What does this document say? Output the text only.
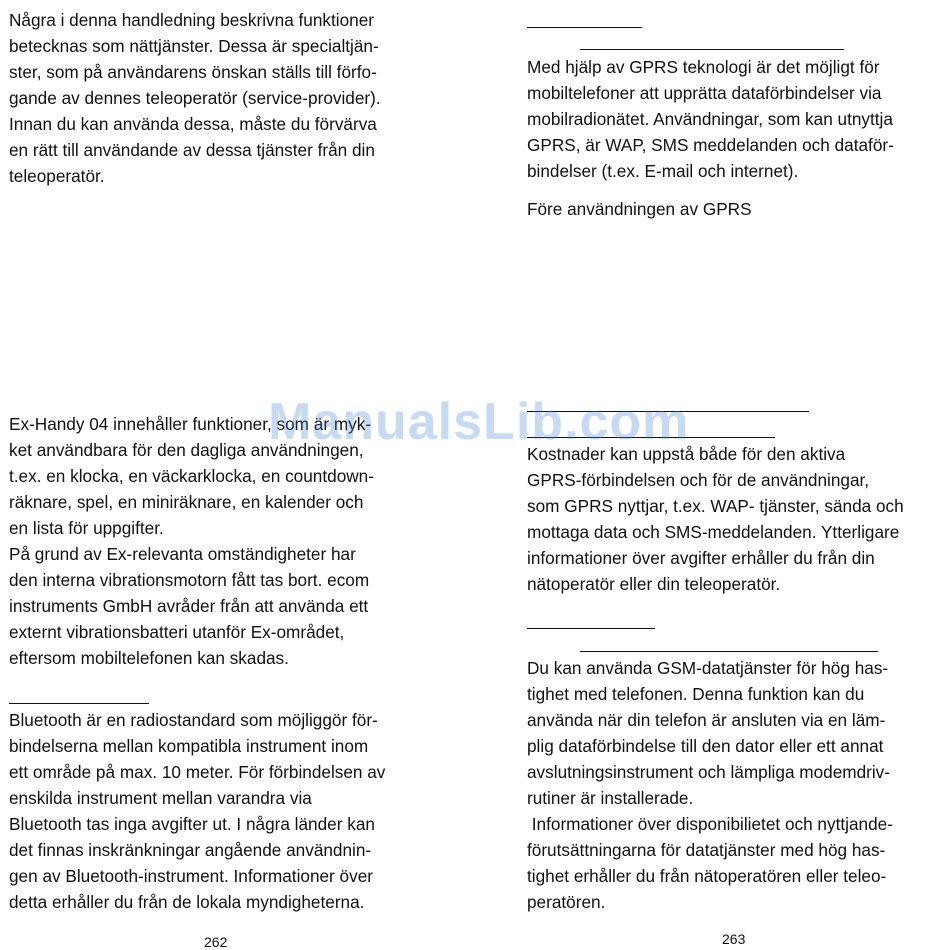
Några i denna handledning beskrivna funktioner

betecknas som nättjänster. Dessa är specialtjän-

ster, som på användarens önskan ställs till förfo-

gande av dennes teleoperatör (service-provider).

Innan du kan använda dessa, måste du förvärva

en rätt till användande av dessa tjänster från din

teleoperatör.

Ex-Handy 04 innehåller funktioner, som är myk-

ket användbara för den dagliga användningen,

t.ex. en klocka, en väckarklocka, en countdown-

räknare, spel, en miniräknare, en kalender och

en lista för uppgifter.

På grund av Ex-relevanta omständigheter har

den interna vibrationsmotorn fått tas bort. ecom

instruments GmbH avråder från att använda ett

externt vibrationsbatteri utanför Ex-området,

eftersom mobiltelefonen kan skadas.

Bluetooth är en radiostandard som möjliggör för-

bindelserna mellan kompatibla instrument inom

ett område på max. 10 meter. För förbindelsen av

enskilda instrument mellan varandra via

Bluetooth tas inga avgifter ut. I några länder kan

det finnas inskränkningar angående användnin-

gen av Bluetooth-instrument. Informationer över

detta erhåller du från de lokala myndigheterna.

262

Med hjälp av GPRS teknologi är det möjligt för

mobiltelefoner att upprätta dataförbindelser via

mobilradionätet. Användningar, som kan utnyttja

GPRS, är WAP, SMS meddelanden och dataför-

bindelser (t.ex. E-mail och internet).

Före användningen av GPRS

Kostnader kan uppstå både för den aktiva

GPRS-förbindelsen och för de användningar,

som GPRS nyttjar, t.ex. WAP- tjänster, sända och

mottaga data och SMS-meddelanden. Ytterligare

informationer över avgifter erhåller du från din

nätoperatör eller din teleoperatör.

Du kan använda GSM-datatjänster för hög has-

tighet med telefonen. Denna funktion kan du

använda när din telefon är ansluten via en läm-

plig dataförbindelse till den dator eller ett annat

avslutningsinstrument och lämpliga modemdriv-

rutiner är installerade.

Informationer över disponibilietet och nyttjande-

förutsättningarna för datatjänster med hög has-

tighet erhåller du från nätoperatören eller teleo-

peratören.

263
ManualsLib.com
